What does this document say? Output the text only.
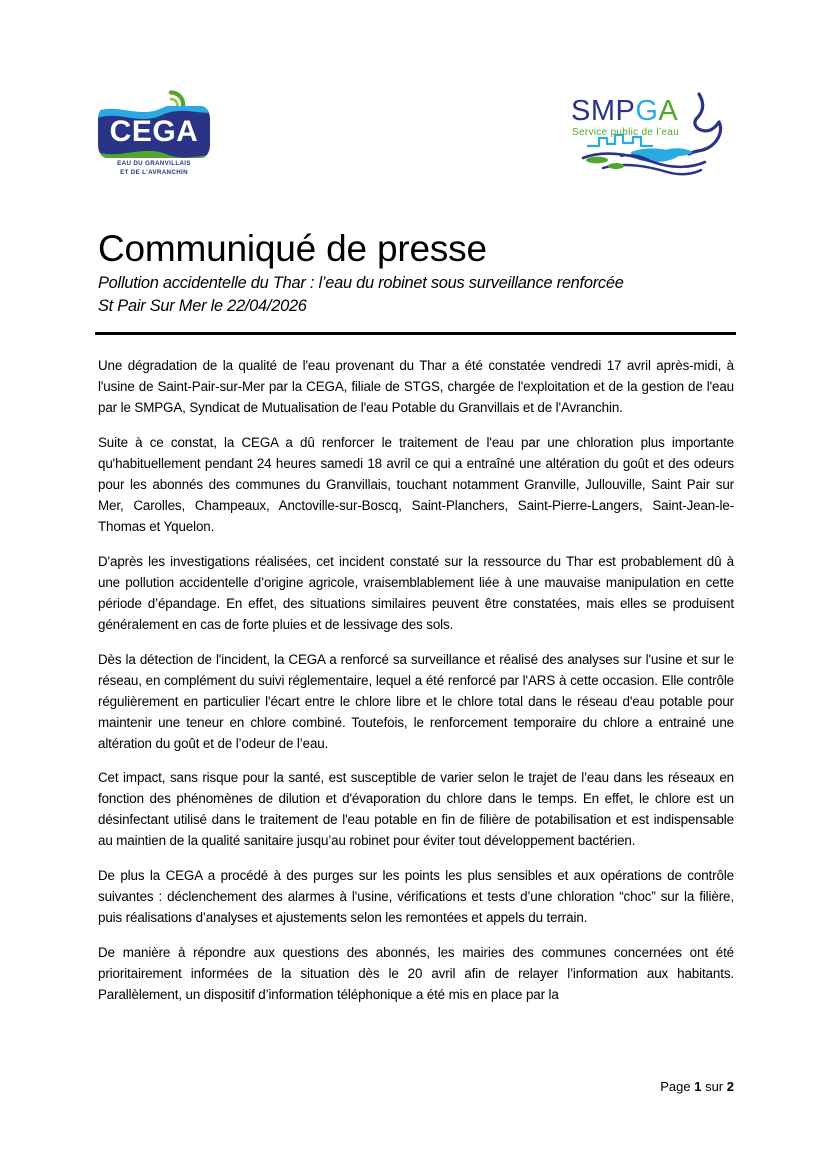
CEGA
EAU DU GRANVILLAIS
ET DE L'AVRANCHIN
SMPGA
Service public de l’eau
Communiqué de presse
Pollution accidentelle du Thar : l’eau du robinet sous surveillance renforcée
St Pair Sur Mer le 22/04/2026

Une dégradation de la qualité de l'eau provenant du Thar a été constatée vendredi 17 avril après-midi, à l'usine de Saint-Pair-sur-Mer par la CEGA, filiale de STGS, chargée de l'exploitation et de la gestion de l'eau par le SMPGA, Syndicat de Mutualisation de l'eau Potable du Granvillais et de l'Avranchin.

Suite à ce constat, la CEGA a dû renforcer le traitement de l'eau par une chloration plus importante qu'habituellement pendant 24 heures samedi 18 avril ce qui a entraîné une altération du goût et des odeurs pour les abonnés des communes du Granvillais, touchant notamment Granville, Jullouville, Saint Pair sur Mer, Carolles, Champeaux, Anctoville-sur-Boscq, Saint-Planchers, Saint-Pierre-Langers, Saint-Jean-le-Thomas et Yquelon.

D'après les investigations réalisées, cet incident constaté sur la ressource du Thar est probablement dû à une pollution accidentelle d’origine agricole, vraisemblablement liée à une mauvaise manipulation en cette période d’épandage. En effet, des situations similaires peuvent être constatées, mais elles se produisent généralement en cas de forte pluies et de lessivage des sols.

Dès la détection de l'incident, la CEGA a renforcé sa surveillance et réalisé des analyses sur l'usine et sur le réseau, en complément du suivi réglementaire, lequel a été renforcé par l'ARS à cette occasion. Elle contrôle régulièrement en particulier l'écart entre le chlore libre et le chlore total dans le réseau d'eau potable pour maintenir une teneur en chlore combiné. Toutefois, le renforcement temporaire du chlore a entrainé une altération du goût et de l’odeur de l’eau.

Cet impact, sans risque pour la santé, est susceptible de varier selon le trajet de l’eau dans les réseaux en fonction des phénomènes de dilution et d'évaporation du chlore dans le temps. En effet, le chlore est un désinfectant utilisé dans le traitement de l'eau potable en fin de filière de potabilisation et est indispensable au maintien de la qualité sanitaire jusqu’au robinet pour éviter tout développement bactérien.

De plus la CEGA a procédé à des purges sur les points les plus sensibles et aux opérations de contrôle suivantes : déclenchement des alarmes à l'usine, vérifications et tests d’une chloration “choc” sur la filière, puis réalisations d’analyses et ajustements selon les remontées et appels du terrain.

De manière à répondre aux questions des abonnés, les mairies des communes concernées ont été prioritairement informées de la situation dès le 20 avril afin de relayer l’information aux habitants. Parallèlement, un dispositif d’information téléphonique a été mis en place par la

Page 1 sur 2
